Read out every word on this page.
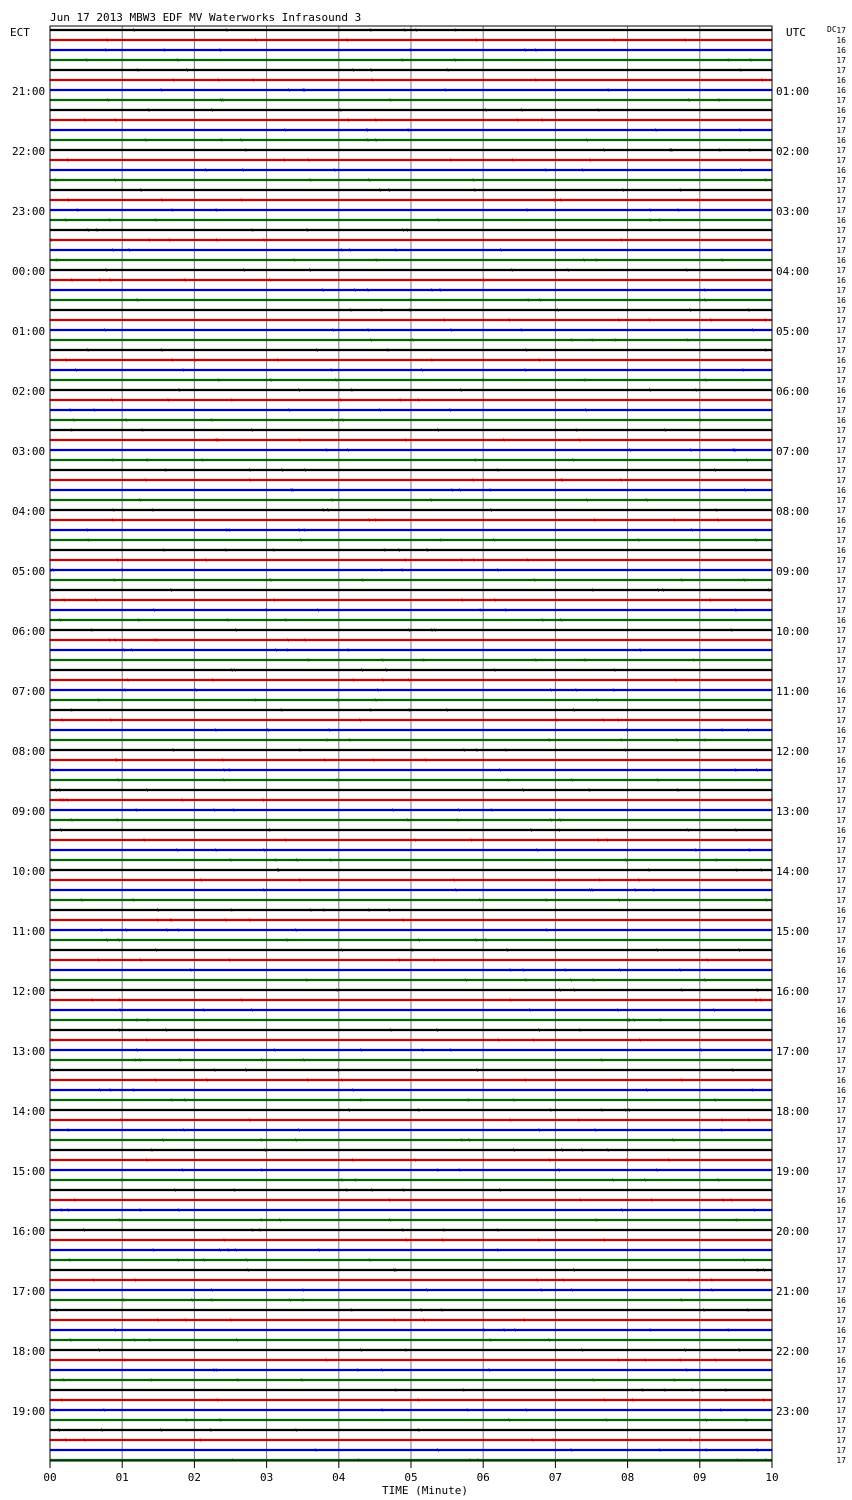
Jun 17 2013 MBW3 EDF MV Waterworks Infrasound 3
ECT	UTC	DC
21:00
22:00
23:00
00:00
01:00
02:00
03:00
04:00
05:00
06:00
07:00
08:00
09:00
10:00
11:00
12:00
13:00
14:00
15:00
16:00
17:00
18:00
19:00
01:00
02:00
03:00
04:00
05:00
06:00
07:00
08:00
09:00
10:00
11:00
12:00
13:00
14:00
15:00
16:00
17:00
18:00
19:00
20:00
21:00
22:00
23:00
17
16
16
17
17
16
16
17
16
17
17
16
17
17
16
17
17
17
17
16
17
17
17
16
17
16
17
16
17
17
17
17
17
16
17
17
16
17
17
16
17
17
17
17
17
17
16
17
17
16
17
17
16
17
17
17
17
17
17
16
17
17
17
17
17
17
16
17
17
17
16
17
17
16
17
17
17
17
17
17
16
17
17
17
17
17
17
17
16
17
17
17
16
17
16
17
17
17
16
16
17
17
17
17
17
16
16
17
17
17
17
17
17
17
17
17
17
16
17
17
17
17
17
17
17
17
17
16
17
17
16
17
17
16
17
17
17
17
17
17
17
17
17
17
00	01	02	03	04	05	06	07	08	09	10
TIME (Minute)
